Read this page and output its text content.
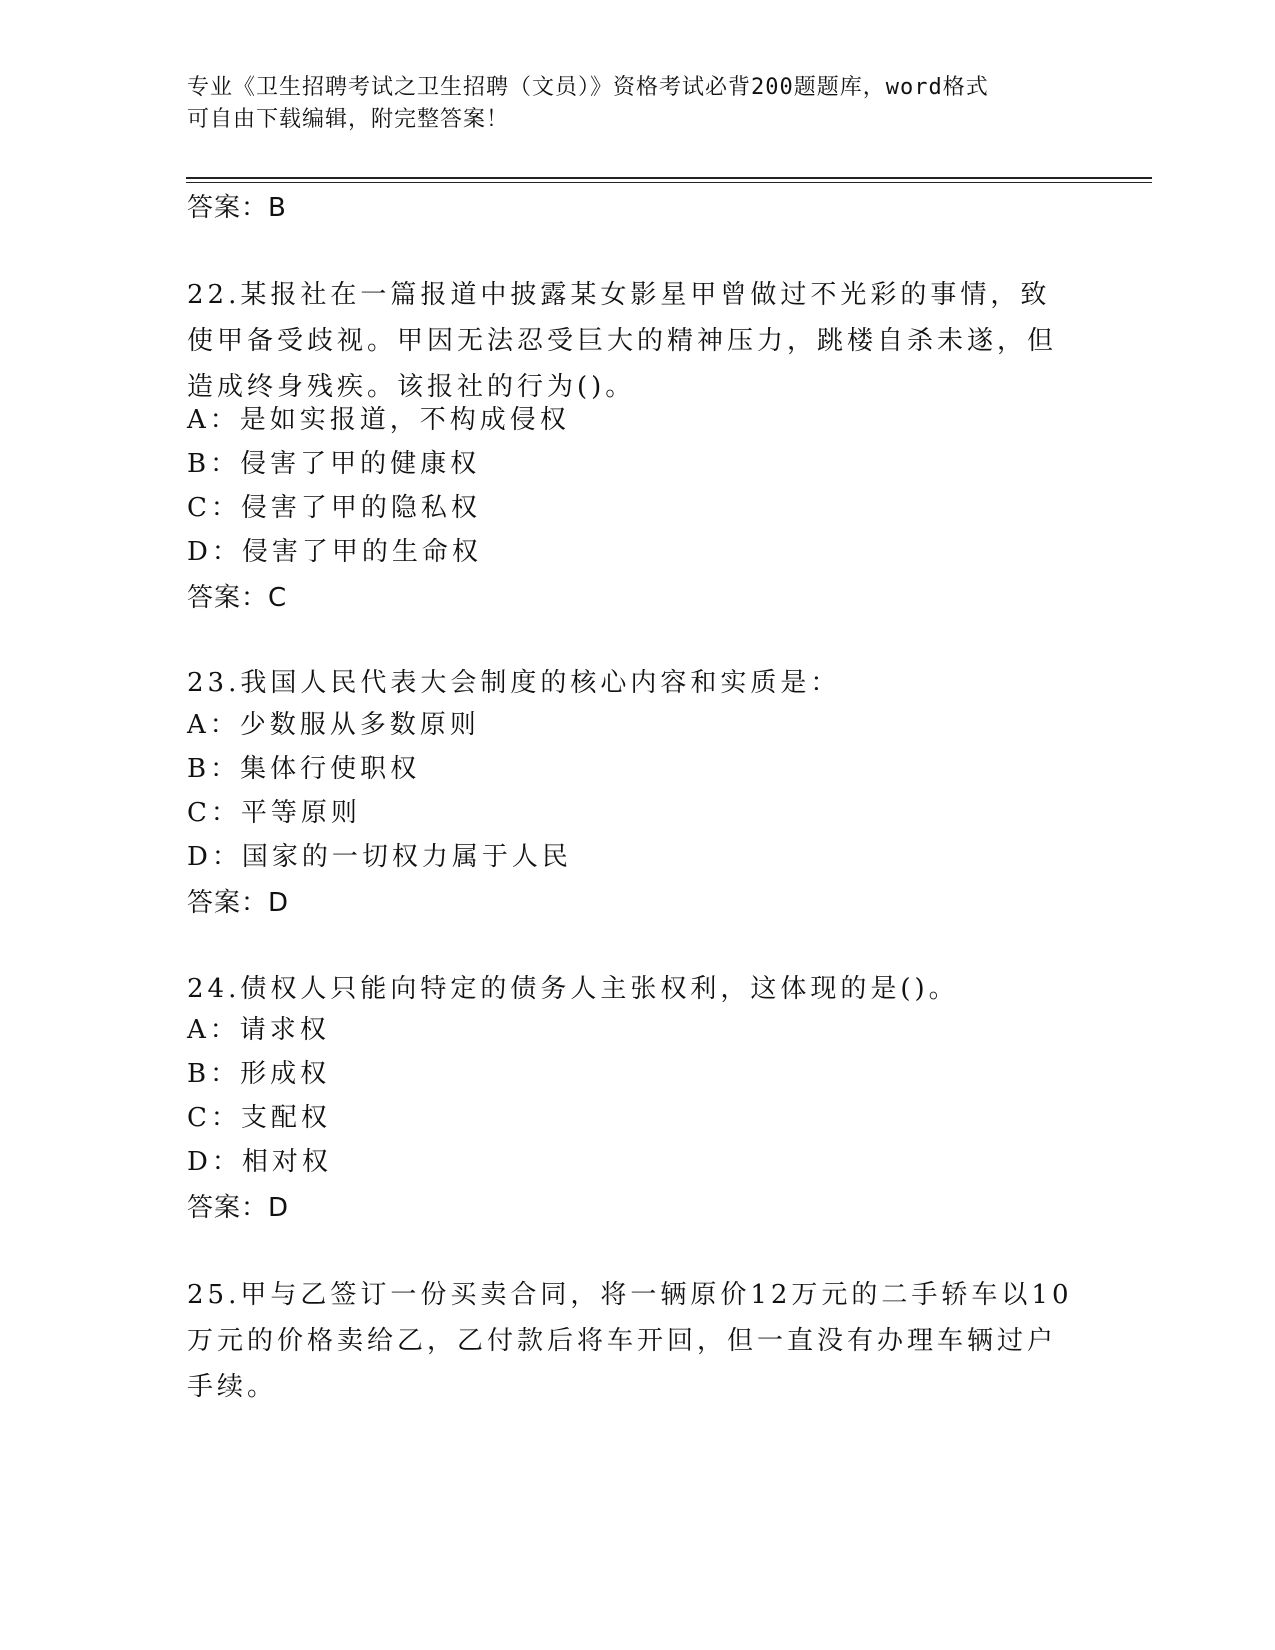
专业《卫生招聘考试之卫生招聘（文员）》资格考试必背200题题库，word格式
可自由下载编辑，附完整答案！
答案：B
22.某报社在一篇报道中披露某女影星甲曾做过不光彩的事情，致使甲备受歧视。甲因无法忍受巨大的精神压力，跳楼自杀未遂，但造成终身残疾。该报社的行为()。
A：是如实报道，不构成侵权
B：侵害了甲的健康权
C：侵害了甲的隐私权
D：侵害了甲的生命权
答案：C
23.我国人民代表大会制度的核心内容和实质是：
A：少数服从多数原则
B：集体行使职权
C：平等原则
D：国家的一切权力属于人民
答案：D
24.债权人只能向特定的债务人主张权利，这体现的是()。
A：请求权
B：形成权
C：支配权
D：相对权
答案：D
25.甲与乙签订一份买卖合同，将一辆原价12万元的二手轿车以10万元的价格卖给乙，乙付款后将车开回，但一直没有办理车辆过户手续。
